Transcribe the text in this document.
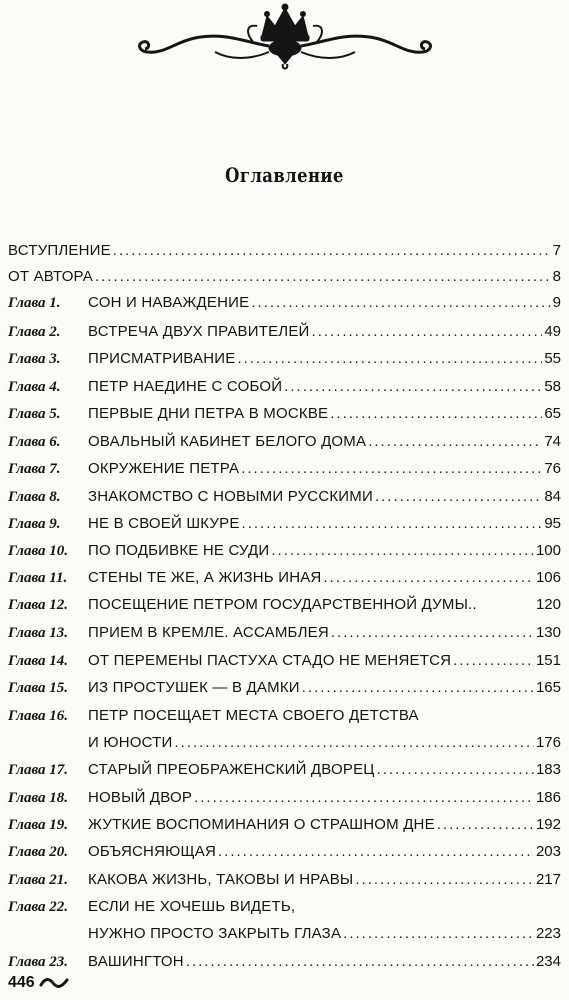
Оглавление
ВСТУПЛЕНИЕ .....	7
ОТ АВТОРА .....	8
Глава 1.	СОН И НАВАЖДЕНИЕ .....	9
Глава 2.	ВСТРЕЧА ДВУХ ПРАВИТЕЛЕЙ .....	49
Глава 3.	ПРИСМАТРИВАНИЕ .....	55
Глава 4.	ПЕТР НАЕДИНЕ С СОБОЙ .....	58
Глава 5.	ПЕРВЫЕ ДНИ ПЕТРА В МОСКВЕ .....	65
Глава 6.	ОВАЛЬНЫЙ КАБИНЕТ БЕЛОГО ДОМА .....	74
Глава 7.	ОКРУЖЕНИЕ ПЕТРА .....	76
Глава 8.	ЗНАКОМСТВО С НОВЫМИ РУССКИМИ .....	84
Глава 9.	НЕ В СВОЕЙ ШКУРЕ .....	95
Глава 10.	ПО ПОДБИВКЕ НЕ СУДИ .....	100
Глава 11.	СТЕНЫ ТЕ ЖЕ, А ЖИЗНЬ ИНАЯ .....	106
Глава 12.	ПОСЕЩЕНИЕ ПЕТРОМ ГОСУДАРСТВЕННОЙ ДУМЫ..	120
Глава 13.	ПРИЕМ В КРЕМЛЕ. АССАМБЛЕЯ .....	130
Глава 14.	ОТ ПЕРЕМЕНЫ ПАСТУХА СТАДО НЕ МЕНЯЕТСЯ .....	151
Глава 15.	ИЗ ПРОСТУШЕК — В ДАМКИ .....	165
Глава 16.	ПЕТР ПОСЕЩАЕТ МЕСТА СВОЕГО ДЕТСТВА
И ЮНОСТИ .....	176
Глава 17.	СТАРЫЙ ПРЕОБРАЖЕНСКИЙ ДВОРЕЦ .....	183
Глава 18.	НОВЫЙ ДВОР .....	186
Глава 19.	ЖУТКИЕ ВОСПОМИНАНИЯ О СТРАШНОМ ДНЕ .....	192
Глава 20.	ОБЪЯСНЯЮЩАЯ .....	203
Глава 21.	КАКОВА ЖИЗНЬ, ТАКОВЫ И НРАВЫ .....	217
Глава 22.	ЕСЛИ НЕ ХОЧЕШЬ ВИДЕТЬ,
НУЖНО ПРОСТО ЗАКРЫТЬ ГЛАЗА .....	223
Глава 23.	ВАШИНГТОН .....	234
446
